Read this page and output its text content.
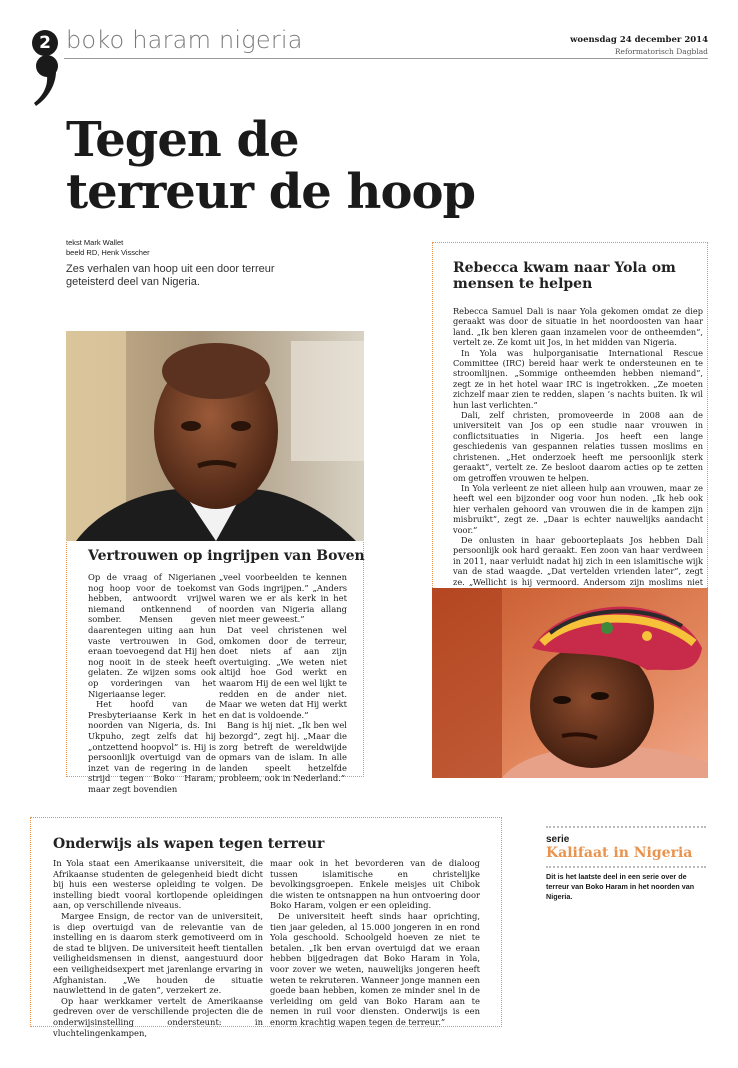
2 boko haram nigeria	woensdag 24 december 2014
Reformatorisch Dagblad
Tegen de
terreur de hoop
tekst Mark Wallet
beeld RD, Henk Visscher
Zes verhalen van hoop uit een door terreur geteisterd deel van Nigeria.
Vertrouwen op ingrijpen van Boven

Op de vraag of Nigerianen nog hoop voor de toekomst hebben, antwoordt vrijwel niemand ontkennend of somber. Mensen geven daarentegen uiting aan hun vaste vertrouwen in God, eraan toevoegend dat Hij hen nog nooit in de steek heeft gelaten. Ze wijzen soms ook op vorderingen van het Nigeriaanse leger.

Het hoofd van de Presbyteriaanse Kerk in het noorden van Nigeria, ds. Ini Ukpuho, zegt zelfs dat hij „ontzettend hoopvol” is. Hij is persoonlijk overtuigd van de inzet van de regering in de strijd tegen Boko Haram, maar zegt bovendien

„veel voorbeelden te kennen van Gods ingrijpen.” „Anders waren we er als kerk in het noorden van Nigeria allang niet meer geweest.”

Dat veel christenen wel omkomen door de terreur, doet niets af aan zijn overtuiging. „We weten niet altijd hoe God werkt en waarom Hij de een wel lijkt te redden en de ander niet. Maar we weten dat Hij werkt en dat is voldoende.”

Bang is hij niet. „Ik ben wel bezorgd”, zegt hij. „Maar die zorg betreft de wereldwijde opmars van de islam. In alle landen speelt hetzelfde probleem, ook in Nederland.”

Rebecca kwam naar Yola om mensen te helpen

Rebecca Samuel Dali is naar Yola gekomen omdat ze diep geraakt was door de situatie in het noordoosten van haar land. „Ik ben kleren gaan inzamelen voor de ontheemden”, vertelt ze. Ze komt uit Jos, in het midden van Nigeria.

In Yola was hulporganisatie International Rescue Committee (IRC) bereid haar werk te ondersteunen en te stroomlijnen. „Sommige ontheemden hebben niemand”, zegt ze in het hotel waar IRC is ingetrokken. „Ze moeten zichzelf maar zien te redden, slapen ’s nachts buiten. Ik wil hun last verlichten.”

Dali, zelf christen, promoveerde in 2008 aan de universiteit van Jos op een studie naar vrouwen in conflictsituaties in Nigeria. Jos heeft een lange geschiedenis van gespannen relaties tussen moslims en christenen. „Het onderzoek heeft me persoonlijk sterk geraakt”, vertelt ze. Ze besloot daarom acties op te zetten om getroffen vrouwen te helpen.

In Yola verleent ze niet alleen hulp aan vrouwen, maar ze heeft wel een bijzonder oog voor hun noden. „Ik heb ook hier verhalen gehoord van vrouwen die in de kampen zijn misbruikt”, zegt ze. „Daar is echter nauwelijks aandacht voor.”

De onlusten in haar geboorteplaats Jos hebben Dali persoonlijk ook hard geraakt. Een zoon van haar verdween in 2011, naar verluidt nadat hij zich in een islamitische wijk van de stad waagde. „Dat vertelden vrienden later”, zegt ze. „Wellicht is hij vermoord. Andersom zijn moslims niet

Onderwijs als wapen tegen terreur

In Yola staat een Amerikaanse universiteit, die Afrikaanse studenten de gelegenheid biedt dicht bij huis een westerse opleiding te volgen. De instelling biedt vooral kortlopende opleidingen aan, op verschillende niveaus.

Margee Ensign, de rector van de universiteit, is diep overtuigd van de relevantie van de instelling en is daarom sterk gemotiveerd om in de stad te blijven. De universiteit heeft tientallen veiligheidsmensen in dienst, aangestuurd door een veiligheidsexpert met jarenlange ervaring in Afghanistan. „We houden de situatie nauwlettend in de gaten”, verzekert ze.

Op haar werkkamer vertelt de Amerikaanse gedreven over de verschillende projecten die de onderwijsinstelling ondersteunt: in vluchtelingenkampen,

maar ook in het bevorderen van de dialoog tussen islamitische en christelijke bevolkingsgroepen. Enkele meisjes uit Chibok die wisten te ontsnappen na hun ontvoering door Boko Haram, volgen er een opleiding.

De universiteit heeft sinds haar oprichting, tien jaar geleden, al 15.000 jongeren in en rond Yola geschoold. Schoolgeld hoeven ze niet te betalen. „Ik ben ervan overtuigd dat we eraan hebben bijgedragen dat Boko Haram in Yola, voor zover we weten, nauwelijks jongeren heeft weten te rekruteren. Wanneer jonge mannen een goede baan hebben, komen ze minder snel in de verleiding om geld van Boko Haram aan te nemen in ruil voor diensten. Onderwijs is een enorm krachtig wapen tegen de terreur.”

serie
Kalifaat in Nigeria
Dit is het laatste deel in een serie over de terreur van Boko Haram in het noorden van Nigeria.
